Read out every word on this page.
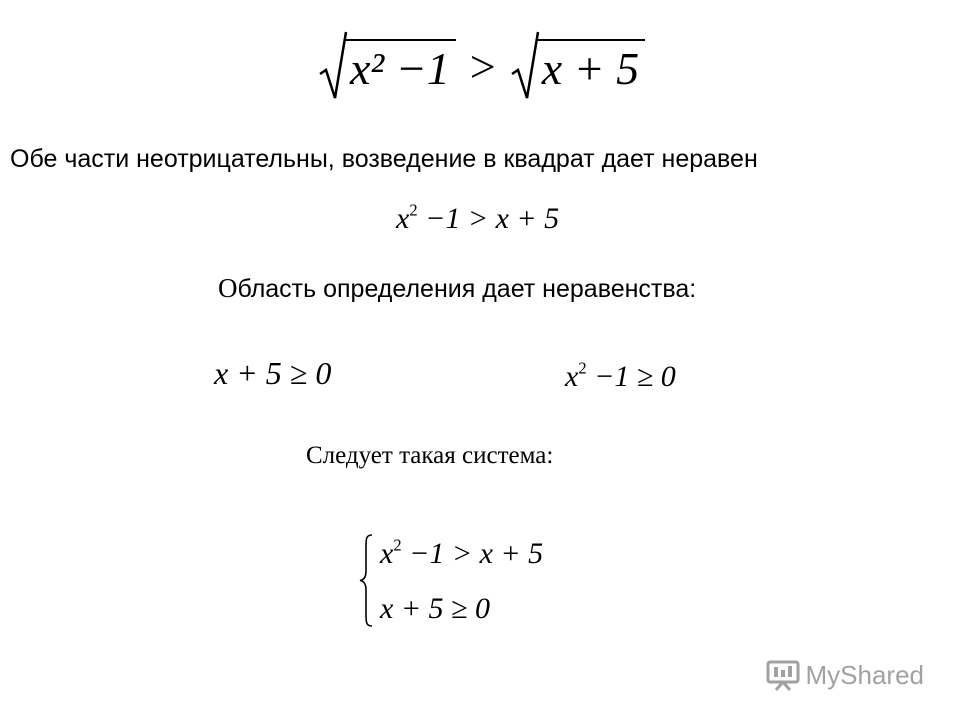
x² −1 > x + 5
Обе части неотрицательны, возведение в квадрат дает неравен
$x^2 -1 > x + 5$
Область определения дает неравенства:
x + 5 ≥ 0	$x^2 -1 \ge 0$
Следует такая система:
$x^2 -1 > x + 5$
x + 5 ≥ 0
MyShared
